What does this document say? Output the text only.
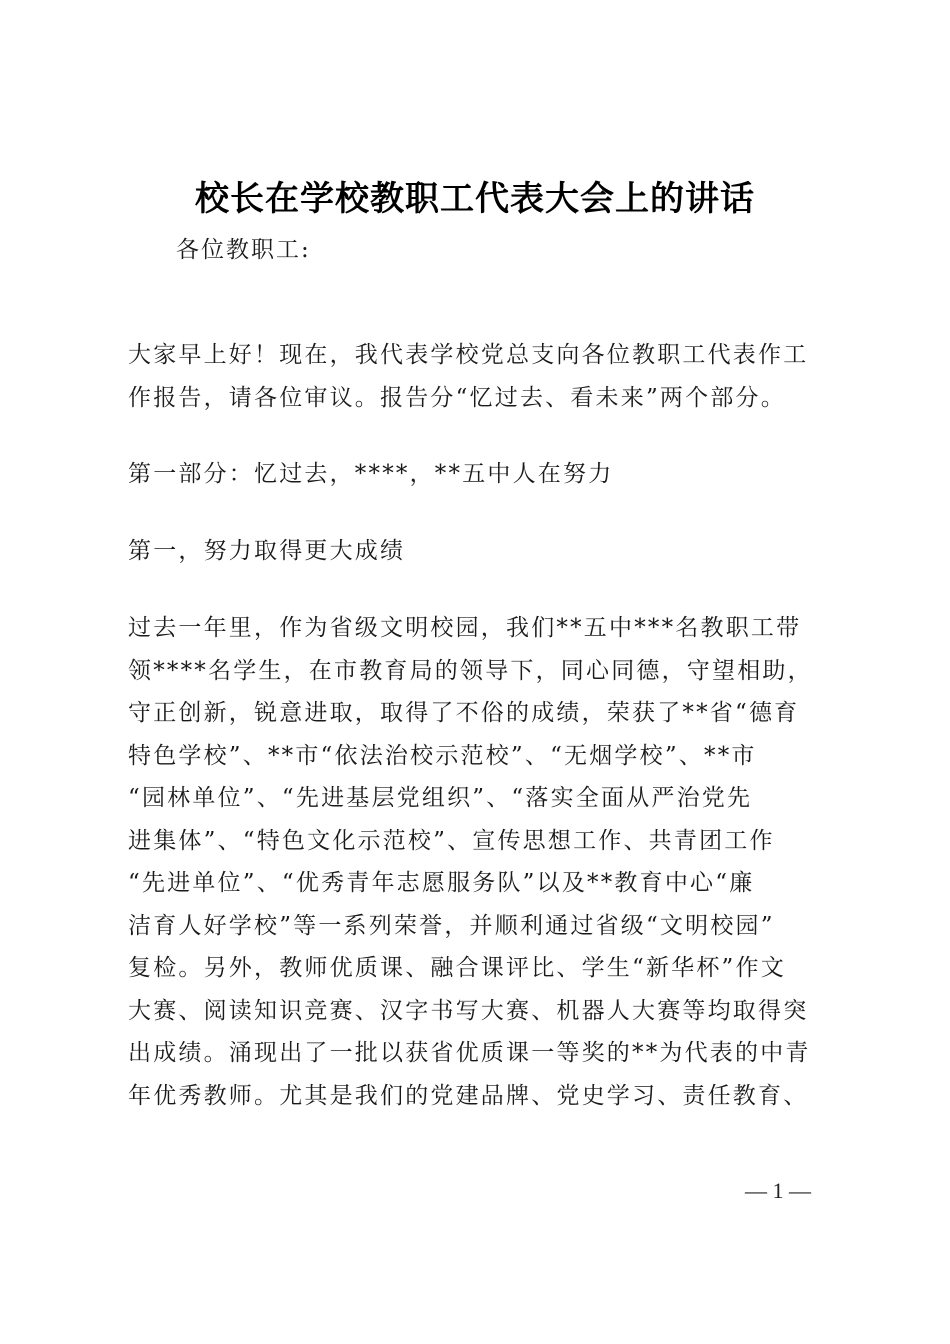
校长在学校教职工代表大会上的讲话
各位教职工:
大家早上好！现在，我代表学校党总支向各位教职工代表作工
作报告，请各位审议。报告分“忆过去、看未来”两个部分。
第一部分：忆过去，****，**五中人在努力
第一，努力取得更大成绩
过去一年里，作为省级文明校园，我们**五中***名教职工带
领****名学生，在市教育局的领导下，同心同德，守望相助，
守正创新，锐意进取，取得了不俗的成绩，荣获了**省“德育
特色学校”、**市“依法治校示范校”、“无烟学校”、**市
“园林单位”、“先进基层党组织”、“落实全面从严治党先
进集体”、“特色文化示范校”、宣传思想工作、共青团工作
“先进单位”、“优秀青年志愿服务队”以及**教育中心“廉
洁育人好学校”等一系列荣誉，并顺利通过省级“文明校园”
复检。另外，教师优质课、融合课评比、学生“新华杯”作文
大赛、阅读知识竞赛、汉字书写大赛、机器人大赛等均取得突
出成绩。涌现出了一批以获省优质课一等奖的**为代表的中青
年优秀教师。尤其是我们的党建品牌、党史学习、责任教育、
— 1 —
